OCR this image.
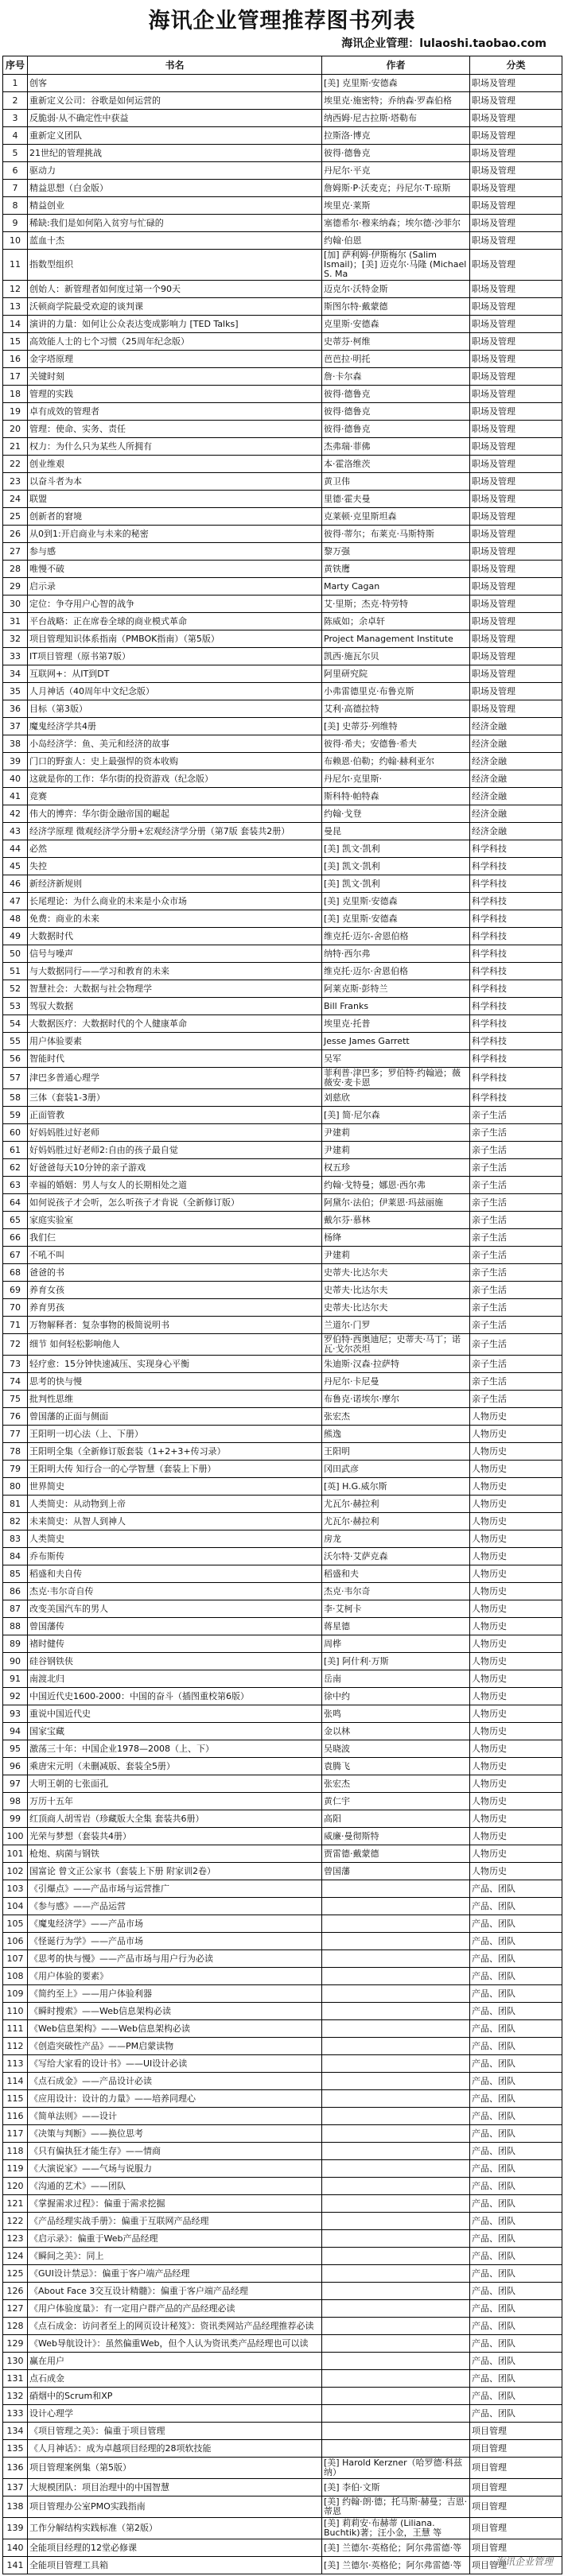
海讯企业管理推荐图书列表
海讯企业管理：lulaoshi.taobao.com
序号	书名	作者	分类
1	创客	[美] 克里斯·安德森	职场及管理
2	重新定义公司：谷歌是如何运营的	埃里克·施密特；乔纳森·罗森伯格	职场及管理
3	反脆弱·从不确定性中获益	纳西姆·尼古拉斯·塔勒布	职场及管理
4	重新定义团队	拉斯洛·博克	职场及管理
5	21世纪的管理挑战	彼得·德鲁克	职场及管理
6	驱动力	丹尼尔·平克	职场及管理
7	精益思想（白金版）	詹姆斯·P·沃麦克；丹尼尔·T·琼斯	职场及管理
8	精益创业	埃里克·莱斯	职场及管理
9	稀缺:我们是如何陷入贫穷与忙碌的	塞德希尔·穆来纳森；埃尔德·沙菲尔	职场及管理
10	蓝血十杰	约翰·伯恩	职场及管理
11	指数型组织	[加] 萨利姆·伊斯梅尔 (Salim Ismail)；[美] 迈克尔·马隆 (Michael S. Ma	职场及管理
12	创始人：新管理者如何度过第一个90天	迈克尔·沃特金斯	职场及管理
13	沃顿商学院最受欢迎的谈判课	斯图尔特·戴蒙德	职场及管理
14	演讲的力量：如何让公众表达变成影响力 [TED Talks]	克里斯·安德森	职场及管理
15	高效能人士的七个习惯（25周年纪念版）	史蒂芬·柯维	职场及管理
16	金字塔原理	芭芭拉·明托	职场及管理
17	关键时刻	詹·卡尔森	职场及管理
18	管理的实践	彼得·德鲁克	职场及管理
19	卓有成效的管理者	彼得·德鲁克	职场及管理
20	管理：使命、实务、责任	彼得·德鲁克	职场及管理
21	权力：为什么只为某些人所拥有	杰弗瑞·菲佛	职场及管理
22	创业维艰	本·霍洛维茨	职场及管理
23	以奋斗者为本	黄卫伟	职场及管理
24	联盟	里德·霍夫曼	职场及管理
25	创新者的窘境	克莱顿·克里斯坦森	职场及管理
26	从0到1:开启商业与未来的秘密	彼得·蒂尔；布莱克·马斯特斯	职场及管理
27	参与感	黎万强	职场及管理
28	唯慢不破	黄铁鹰	职场及管理
29	启示录	Marty Cagan	职场及管理
30	定位：争夺用户心智的战争	艾·里斯；杰克·特劳特	职场及管理
31	平台战略：正在席卷全球的商业模式革命	陈威如；余卓轩	职场及管理
32	项目管理知识体系指南（PMBOK指南）（第5版）	Project Management Institute	职场及管理
33	IT项目管理（原书第7版）	凯西·施瓦尔贝	职场及管理
34	互联网+：从IT到DT	阿里研究院	职场及管理
35	人月神话（40周年中文纪念版）	小弗雷德里克·布鲁克斯	职场及管理
36	目标（第3版）	艾利·高德拉特	职场及管理
37	魔鬼经济学共4册	[美] 史蒂芬·列维特	经济金融
38	小岛经济学：鱼、美元和经济的故事	彼得·希夫；安德鲁·希夫	经济金融
39	门口的野蛮人：史上最强悍的资本收购	布赖恩·伯勒；约翰·赫利亚尔	经济金融
40	这就是你的工作：华尔街的投资游戏（纪念版）	丹尼尔·克里斯·	经济金融
41	竞赛	斯科特·帕特森	经济金融
42	伟大的博弈：华尔街金融帝国的崛起	约翰·戈登	经济金融
43	经济学原理 微观经济学分册+宏观经济学分册（第7版 套装共2册）	曼昆	经济金融
44	必然	[美] 凯文·凯利	科学科技
45	失控	[美] 凯文·凯利	科学科技
46	新经济新规则	[美] 凯文·凯利	科学科技
47	长尾理论：为什么商业的未来是小众市场	[美] 克里斯·安德森	科学科技
48	免费：商业的未来	[美] 克里斯·安德森	科学科技
49	大数据时代	维克托·迈尔-舍恩伯格	科学科技
50	信号与噪声	纳特·西尔弗	科学科技
51	与大数据同行——学习和教育的未来	维克托·迈尔·舍恩伯格	科学科技
52	智慧社会：大数据与社会物理学	阿莱克斯·彭特兰	科学科技
53	驾驭大数据	Bill Franks	科学科技
54	大数据医疗：大数据时代的个人健康革命	埃里克·托普	科学科技
55	用户体验要素	Jesse James Garrett	科学科技
56	智能时代	吴军	科学科技
57	津巴多普通心理学	菲利普·津巴多；罗伯特·约翰逊；薇薇安·麦卡恩	科学科技
58	三体（套装1-3册）	刘慈欣	科学科技
59	正面管教	[美] 简·尼尔森	亲子生活
60	好妈妈胜过好老师	尹建莉	亲子生活
61	好妈妈胜过好老师2:自由的孩子最自觉	尹建莉	亲子生活
62	好爸爸每天10分钟的亲子游戏	权五珍	亲子生活
63	幸福的婚姻：男人与女人的长期相处之道	约翰·戈特曼；娜恩·西尔弗	亲子生活
64	如何说孩子才会听，怎么听孩子才肯说（全新修订版）	阿黛尔·法伯；伊莱恩·玛兹丽施	亲子生活
65	家庭实验室	戴尔芬·慕林	亲子生活
66	我们仨	杨绛	亲子生活
67	不吼不叫	尹建莉	亲子生活
68	爸爸的书	史蒂夫·比达尔夫	亲子生活
69	养育女孩	史蒂夫·比达尔夫	亲子生活
70	养育男孩	史蒂夫·比达尔夫	亲子生活
71	万物解释者：复杂事物的极简说明书	兰道尔·门罗	亲子生活
72	细节 如何轻松影响他人	罗伯特·西奥迪尼；史蒂夫·马丁；诺瓦·戈尔茨坦	亲子生活
73	轻疗愈：15分钟快速减压、实现身心平衡	朱迪斯·汉森·拉萨特	亲子生活
74	思考的快与慢	丹尼尔·卡尼曼	亲子生活
75	批判性思维	布鲁克·诺埃尔·摩尔	亲子生活
76	曾国藩的正面与侧面	张宏杰	人物历史
77	王阳明一切心法（上、下册）	熊逸	人物历史
78	王阳明全集（全新修订版套装（1+2+3+传习录）	王阳明	人物历史
79	王阳明大传 知行合一的心学智慧（套装上下册）	冈田武彦	人物历史
80	世界简史	[英] H.G.威尔斯	人物历史
81	人类简史：从动物到上帝	尤瓦尔·赫拉利	人物历史
82	未来简史：从智人到神人	尤瓦尔·赫拉利	人物历史
83	人类简史	房龙	人物历史
84	乔布斯传	沃尔特·艾萨克森	人物历史
85	稻盛和夫自传	稻盛和夫	人物历史
86	杰克·韦尔奇自传	杰克·韦尔奇	人物历史
87	改变美国汽车的男人	李·艾柯卡	人物历史
88	曾国藩传	蒋星德	人物历史
89	褚时健传	周桦	人物历史
90	硅谷钢铁侠	[美] 阿什利·万斯	人物历史
91	南渡北归	岳南	人物历史
92	中国近代史1600-2000：中国的奋斗（插图重校第6版）	徐中约	人物历史
93	重说中国近代史	张鸣	人物历史
94	国家宝藏	金以林	人物历史
95	激荡三十年：中国企业1978—2008（上、下）	吴晓波	人物历史
96	乘唐宋元明（未删减版、套装全5册）	袁腾飞	人物历史
97	大明王朝的七张面孔	张宏杰	人物历史
98	万历十五年	黄仁宇	人物历史
99	红顶商人胡雪岩（珍藏版大全集 套装共6册）	高阳	人物历史
100	光荣与梦想（套装共4册）	威廉·曼彻斯特	人物历史
101	枪炮、病菌与钢铁	贾雷德·戴蒙德	人物历史
102	国富论 曾文正公家书（套装上下册 附家训2卷）	曾国藩	人物历史
103	《引爆点》——产品市场与运营推广		产品、团队
104	《参与感》——产品运营		产品、团队
105	《魔鬼经济学》——产品市场		产品、团队
106	《怪诞行为学》——产品市场		产品、团队
107	《思考的快与慢》——产品市场与用户行为必读		产品、团队
108	《用户体验的要素》		产品、团队
109	《简约至上》——用户体验利器		产品、团队
110	《瞬时搜索》——Web信息架构必读		产品、团队
111	《Web信息架构》——Web信息架构必读		产品、团队
112	《创造突破性产品》——PM启蒙读物		产品、团队
113	《写给大家看的设计书》——UI设计必读		产品、团队
114	《点石成金》——产品设计必读		产品、团队
115	《应用设计：设计的力量》——培养同理心		产品、团队
116	《简单法则》——设计		产品、团队
117	《决策与判断》——换位思考		产品、团队
118	《只有偏执狂才能生存》——情商		产品、团队
119	《大演说家》——气场与说服力		产品、团队
120	《沟通的艺术》——团队		产品、团队
121	《掌握需求过程》：偏重于需求挖掘		产品、团队
122	《产品经理实战手册》：偏重于互联网产品经理		产品、团队
123	《启示录》：偏重于Web产品经理		产品、团队
124	《瞬间之美》：同上		产品、团队
125	《GUI设计禁忌》：偏重于客户端产品经理		产品、团队
126	《About Face 3交互设计精髓》：偏重于客户端产品经理		产品、团队
127	《用户体验度量》：有一定用户群产品的产品经理必读		产品、团队
128	《点石成金：访问者至上的网页设计秘笈》：资讯类网站产品经理推荐必读		产品、团队
129	《Web导航设计》：虽然偏重Web，但个人认为资讯类产品经理也可以读		产品、团队
130	赢在用户		产品、团队
131	点石成金		产品、团队
132	硝烟中的Scrum和XP		产品、团队
133	设计心理学		产品、团队
134	《项目管理之美》：偏重于项目管理		项目管理
135	《人月神话》：成为卓越项目经理的28项软技能		项目管理
136	项目管理案例集（第5版）	[美] Harold Kerzner（哈罗德·科兹纳）	项目管理
137	大规模团队：项目治理中的中国智慧	[美] 李伯·文斯	项目管理
138	项目管理办公室PMO实践指南	[美] 约翰·朗·德；托马斯·赫曼；吉恩·蒂恩	项目管理
139	工作分解结构实践标准（第2版）	[美] 莉莉安·布赫蒂 (Liliana. Buchtik)著；汪小金，王慧 等	项目管理
140	全能项目经理的12堂必修课	[美] 兰德尔·英格伦；阿尔弗雷德·等	项目管理
141	全能项目管理工具箱	[美] 兰德尔·英格伦；阿尔弗雷德·等	项目管理
海讯企业管理
